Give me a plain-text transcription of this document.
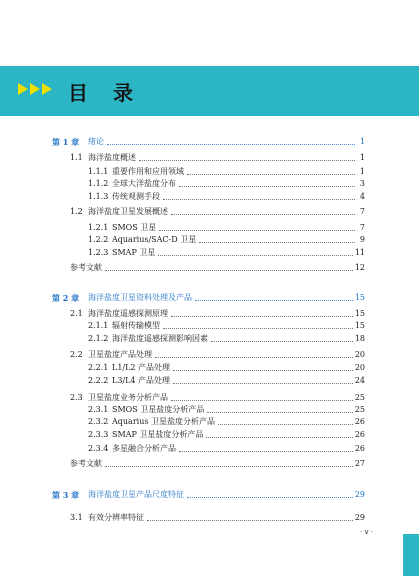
目 录
第 1 章	绪论	1
1.1 海洋盐度概述	1
1.1.1 重要作用和应用领域	1
1.1.2 全球大洋盐度分布	3
1.1.3 传统观测手段	4
1.2 海洋盐度卫星发展概述	7
1.2.1 SMOS 卫星	7
1.2.2 Aquarius/SAC-D 卫星	9
1.2.3 SMAP 卫星	11
参考文献	12
第 2 章	海洋盐度卫星资料处理及产品	15
2.1 海洋盐度遥感探测原理	15
2.1.1 辐射传输模型	15
2.1.2 海洋盐度遥感探测影响因素	18
2.2 卫星盐度产品处理	20
2.2.1 L1/L2 产品处理	20
2.2.2 L3/L4 产品处理	24
2.3 卫星盐度业务分析产品	25
2.3.1 SMOS 卫星盐度分析产品	25
2.3.2 Aquarius 卫星盐度分析产品	26
2.3.3 SMAP 卫星盐度分析产品	26
2.3.4 多星融合分析产品	26
参考文献	27
第 3 章	海洋盐度卫星产品尺度特征	29
3.1 有效分辨率特征	29
· v ·
